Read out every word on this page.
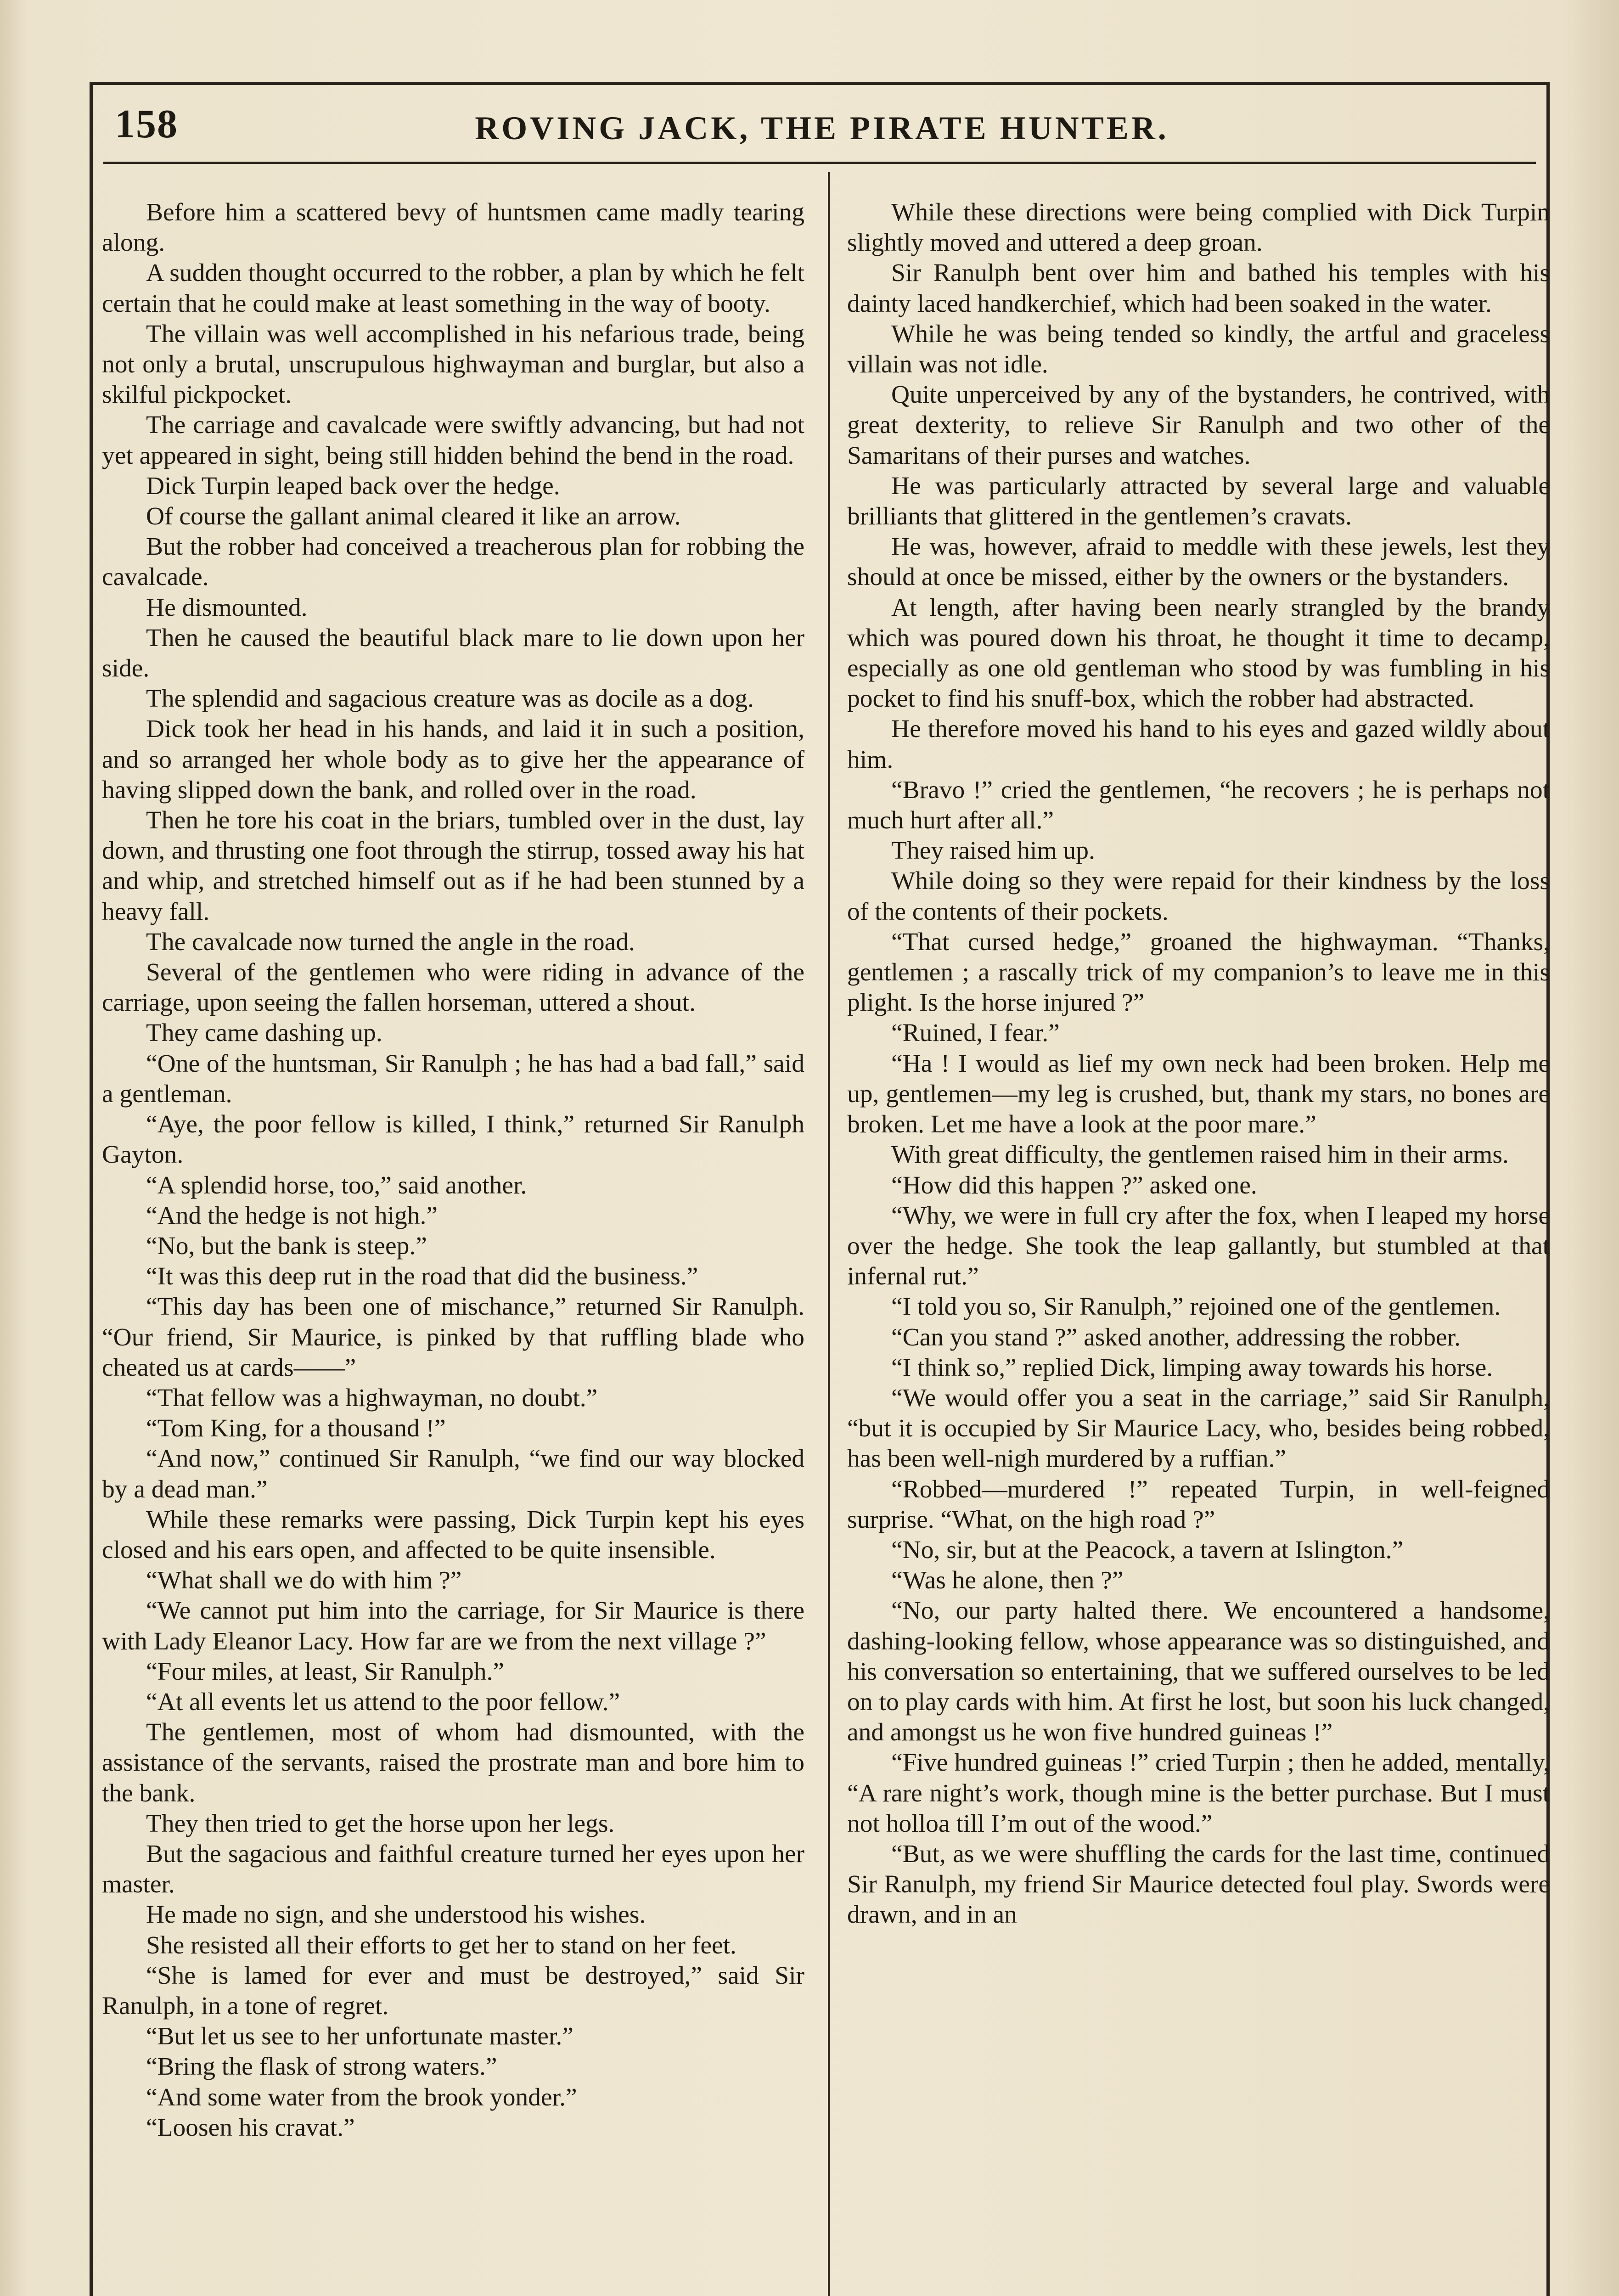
158	ROVING JACK, THE PIRATE HUNTER.

Before him a scattered bevy of huntsmen came madly tearing along.

A sudden thought occurred to the robber, a plan by which he felt certain that he could make at least something in the way of booty.

The villain was well accomplished in his nefarious trade, being not only a brutal, unscrupulous highwayman and burglar, but also a skilful pickpocket.

The carriage and cavalcade were swiftly advancing, but had not yet appeared in sight, being still hidden behind the bend in the road.

Dick Turpin leaped back over the hedge.

Of course the gallant animal cleared it like an arrow.

But the robber had conceived a treacherous plan for robbing the cavalcade.

He dismounted.

Then he caused the beautiful black mare to lie down upon her side.

The splendid and sagacious creature was as docile as a dog.

Dick took her head in his hands, and laid it in such a position, and so arranged her whole body as to give her the appearance of having slipped down the bank, and rolled over in the road.

Then he tore his coat in the briars, tumbled over in the dust, lay down, and thrusting one foot through the stirrup, tossed away his hat and whip, and stretched himself out as if he had been stunned by a heavy fall.

The cavalcade now turned the angle in the road.

Several of the gentlemen who were riding in advance of the carriage, upon seeing the fallen horseman, uttered a shout.

They came dashing up.

“One of the huntsman, Sir Ranulph ; he has had a bad fall,” said a gentleman.

“Aye, the poor fellow is killed, I think,” returned Sir Ranulph Gayton.

“A splendid horse, too,” said another.

“And the hedge is not high.”

“No, but the bank is steep.”

“It was this deep rut in the road that did the business.”

“This day has been one of mischance,” returned Sir Ranulph. “Our friend, Sir Maurice, is pinked by that ruffling blade who cheated us at cards——”

“That fellow was a highwayman, no doubt.”

“Tom King, for a thousand !”

“And now,” continued Sir Ranulph, “we find our way blocked by a dead man.”

While these remarks were passing, Dick Turpin kept his eyes closed and his ears open, and affected to be quite insensible.

“What shall we do with him ?”

“We cannot put him into the carriage, for Sir Maurice is there with Lady Eleanor Lacy. How far are we from the next village ?”

“Four miles, at least, Sir Ranulph.”

“At all events let us attend to the poor fellow.”

The gentlemen, most of whom had dismounted, with the assistance of the servants, raised the prostrate man and bore him to the bank.

They then tried to get the horse upon her legs.

But the sagacious and faithful creature turned her eyes upon her master.

He made no sign, and she understood his wishes.

She resisted all their efforts to get her to stand on her feet.

“She is lamed for ever and must be destroyed,” said Sir Ranulph, in a tone of regret.

“But let us see to her unfortunate master.”

“Bring the flask of strong waters.”

“And some water from the brook yonder.”

“Loosen his cravat.”

While these directions were being complied with Dick Turpin slightly moved and uttered a deep groan.

Sir Ranulph bent over him and bathed his temples with his dainty laced handkerchief, which had been soaked in the water.

While he was being tended so kindly, the artful and graceless villain was not idle.

Quite unperceived by any of the bystanders, he contrived, with great dexterity, to relieve Sir Ranulph and two other of the Samaritans of their purses and watches.

He was particularly attracted by several large and valuable brilliants that glittered in the gentlemen’s cravats.

He was, however, afraid to meddle with these jewels, lest they should at once be missed, either by the owners or the bystanders.

At length, after having been nearly strangled by the brandy which was poured down his throat, he thought it time to decamp, especially as one old gentleman who stood by was fumbling in his pocket to find his snuff-box, which the robber had abstracted.

He therefore moved his hand to his eyes and gazed wildly about him.

“Bravo !” cried the gentlemen, “he recovers ; he is perhaps not much hurt after all.”

They raised him up.

While doing so they were repaid for their kindness by the loss of the contents of their pockets.

“That cursed hedge,” groaned the highwayman. “Thanks, gentlemen ; a rascally trick of my companion’s to leave me in this plight. Is the horse injured ?”

“Ruined, I fear.”

“Ha ! I would as lief my own neck had been broken. Help me up, gentlemen—my leg is crushed, but, thank my stars, no bones are broken. Let me have a look at the poor mare.”

With great difficulty, the gentlemen raised him in their arms.

“How did this happen ?” asked one.

“Why, we were in full cry after the fox, when I leaped my horse over the hedge. She took the leap gallantly, but stumbled at that infernal rut.”

“I told you so, Sir Ranulph,” rejoined one of the gentlemen.

“Can you stand ?” asked another, addressing the robber.

“I think so,” replied Dick, limping away towards his horse.

“We would offer you a seat in the carriage,” said Sir Ranulph, “but it is occupied by Sir Maurice Lacy, who, besides being robbed, has been well-nigh murdered by a ruffian.”

“Robbed—murdered !” repeated Turpin, in well-feigned surprise. “What, on the high road ?”

“No, sir, but at the Peacock, a tavern at Islington.”

“Was he alone, then ?”

“No, our party halted there. We encountered a handsome, dashing-looking fellow, whose appearance was so distinguished, and his conversation so entertaining, that we suffered ourselves to be led on to play cards with him. At first he lost, but soon his luck changed, and amongst us he won five hundred guineas !”

“Five hundred guineas !” cried Turpin ; then he added, mentally, “A rare night’s work, though mine is the better purchase. But I must not holloa till I’m out of the wood.”

“But, as we were shuffling the cards for the last time, continued Sir Ranulph, my friend Sir Maurice detected foul play. Swords were drawn, and in an
